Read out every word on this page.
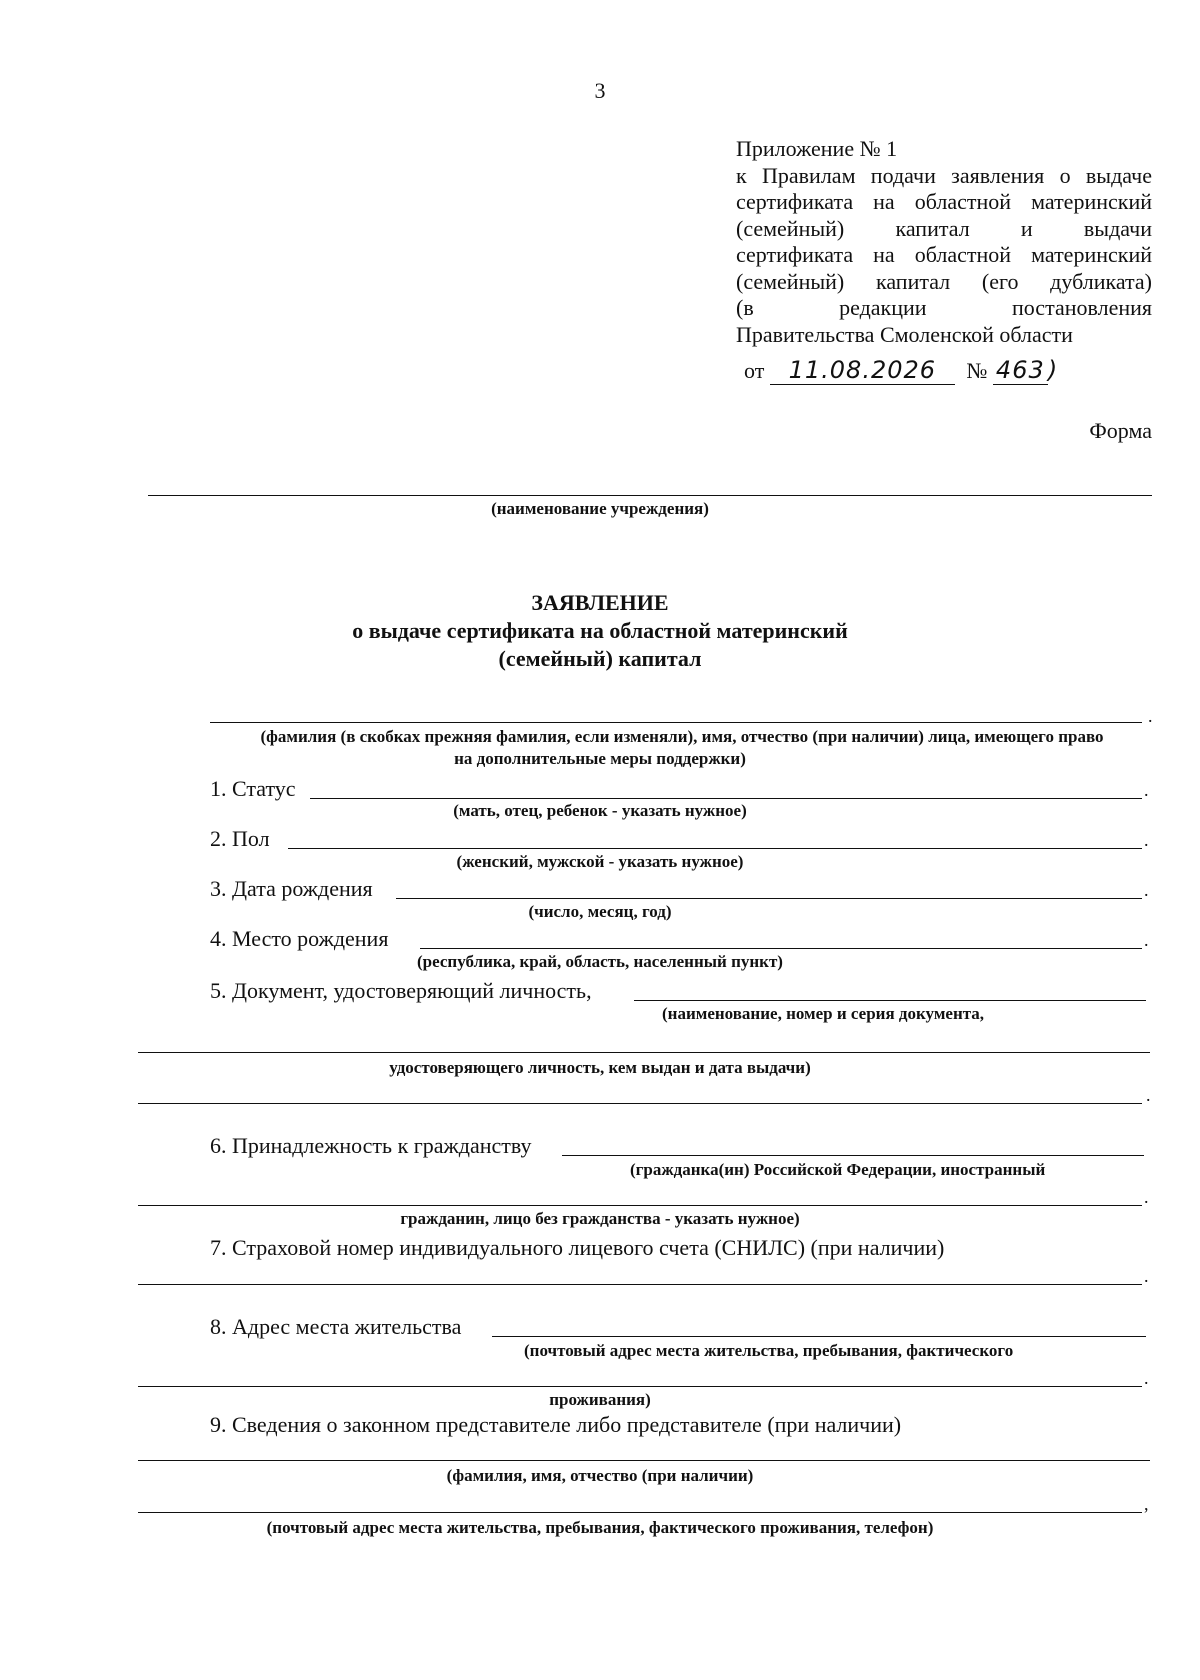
3
Приложение № 1
к Правилам подачи заявления о выдаче
сертификата на областной материнский
(семейный) капитал и выдачи
сертификата на областной материнский
(семейный) капитал (его дубликата)
(в редакции постановления
Правительства Смоленской области
от 11.08.2026 № 463 )
Форма
(наименование учреждения)
ЗАЯВЛЕНИЕ
о выдаче сертификата на областной материнский
(семейный) капитал
.
(фамилия (в скобках прежняя фамилия, если изменяли), имя, отчество (при наличии) лица, имеющего право
на дополнительные меры поддержки)
1. Статус	.
(мать, отец, ребенок - указать нужное)
2. Пол	.
(женский, мужской - указать нужное)
3. Дата рождения	.
(число, месяц, год)
4. Место рождения	.
(республика, край, область, населенный пункт)
5. Документ, удостоверяющий личность,
(наименование, номер и серия документа,
удостоверяющего личность, кем выдан и дата выдачи)
.
6. Принадлежность к гражданству
(гражданка(ин) Российской Федерации, иностранный
.
гражданин, лицо без гражданства - указать нужное)
7. Страховой номер индивидуального лицевого счета (СНИЛС) (при наличии)
.
8. Адрес места жительства
(почтовый адрес места жительства, пребывания, фактического
.
проживания)
9. Сведения о законном представителе либо представителе (при наличии)
(фамилия, имя, отчество (при наличии)
,
(почтовый адрес места жительства, пребывания, фактического проживания, телефон)
